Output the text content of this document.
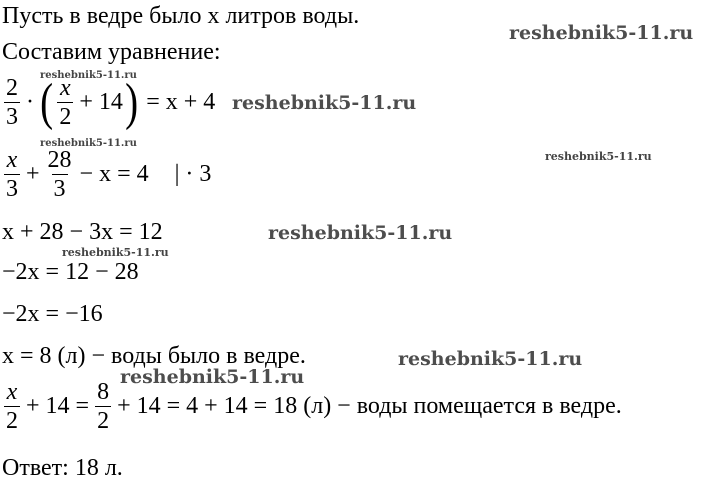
Пусть в ведре было x литров воды.
Составим уравнение:
$\frac{2}{3}$ · ( $\frac{x}{2} + 14$ ) = x + 4
$\frac{x}{3} + \frac{28}{3} - x = 4$ | · 3
x + 28 − 3x = 12
−2x = 12 − 28
−2x = −16
x = 8 (л) − воды было в ведре.
$\frac{x}{2} + 14 = \frac{8}{2} + 14 = 4 + 14 = 18$ (л) − воды помещается в ведре.
Ответ: 18 л.
reshebnik5-11.ru
reshebnik5-11.ru
reshebnik5-11.ru
reshebnik5-11.ru
reshebnik5-11.ru
reshebnik5-11.ru
reshebnik5-11.ru
reshebnik5-11.ru
reshebnik5-11.ru
